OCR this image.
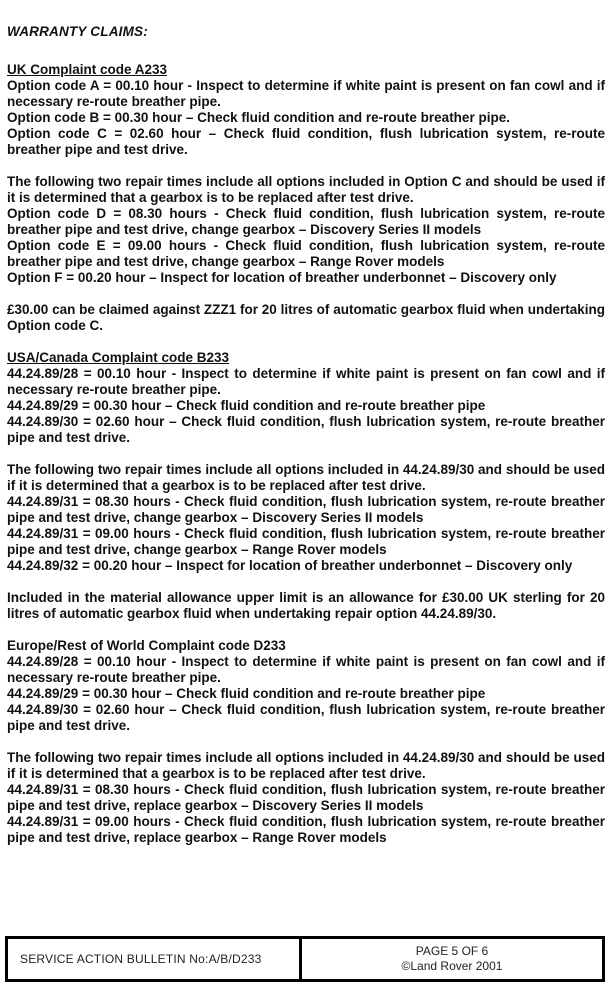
WARRANTY CLAIMS:
UK Complaint code A233

Option code A = 00.10 hour - Inspect to determine if white paint is present on fan cowl and if necessary re-route breather pipe.

Option code B = 00.30 hour – Check fluid condition and re-route breather pipe.

Option code C = 02.60 hour – Check fluid condition, flush lubrication system, re-route breather pipe and test drive.

The following two repair times include all options included in Option C and should be used if it is determined that a gearbox is to be replaced after test drive.

Option code D = 08.30 hours - Check fluid condition, flush lubrication system, re-route breather pipe and test drive, change gearbox – Discovery Series II models

Option code E = 09.00 hours - Check fluid condition, flush lubrication system, re-route breather pipe and test drive, change gearbox – Range Rover models

Option F = 00.20 hour – Inspect for location of breather underbonnet – Discovery only

£30.00 can be claimed against ZZZ1 for 20 litres of automatic gearbox fluid when undertaking Option code C.

USA/Canada Complaint code B233

44.24.89/28 = 00.10 hour - Inspect to determine if white paint is present on fan cowl and if necessary re-route breather pipe.

44.24.89/29 = 00.30 hour – Check fluid condition and re-route breather pipe

44.24.89/30 = 02.60 hour – Check fluid condition, flush lubrication system, re-route breather pipe and test drive.

The following two repair times include all options included in 44.24.89/30 and should be used if it is determined that a gearbox is to be replaced after test drive.

44.24.89/31 = 08.30 hours - Check fluid condition, flush lubrication system, re-route breather pipe and test drive, change gearbox – Discovery Series II models

44.24.89/31 = 09.00 hours - Check fluid condition, flush lubrication system, re-route breather pipe and test drive, change gearbox – Range Rover models

44.24.89/32 = 00.20 hour – Inspect for location of breather underbonnet – Discovery only

Included in the material allowance upper limit is an allowance for £30.00 UK sterling for 20 litres of automatic gearbox fluid when undertaking repair option 44.24.89/30.

Europe/Rest of World Complaint code D233

44.24.89/28 = 00.10 hour - Inspect to determine if white paint is present on fan cowl and if necessary re-route breather pipe.

44.24.89/29 = 00.30 hour – Check fluid condition and re-route breather pipe

44.24.89/30 = 02.60 hour – Check fluid condition, flush lubrication system, re-route breather pipe and test drive.

The following two repair times include all options included in 44.24.89/30 and should be used if it is determined that a gearbox is to be replaced after test drive.

44.24.89/31 = 08.30 hours - Check fluid condition, flush lubrication system, re-route breather pipe and test drive, replace gearbox – Discovery Series II models

44.24.89/31 = 09.00 hours - Check fluid condition, flush lubrication system, re-route breather pipe and test drive, replace gearbox – Range Rover models

SERVICE ACTION BULLETIN No:A/B/D233
PAGE 5 OF 6
©Land Rover 2001
